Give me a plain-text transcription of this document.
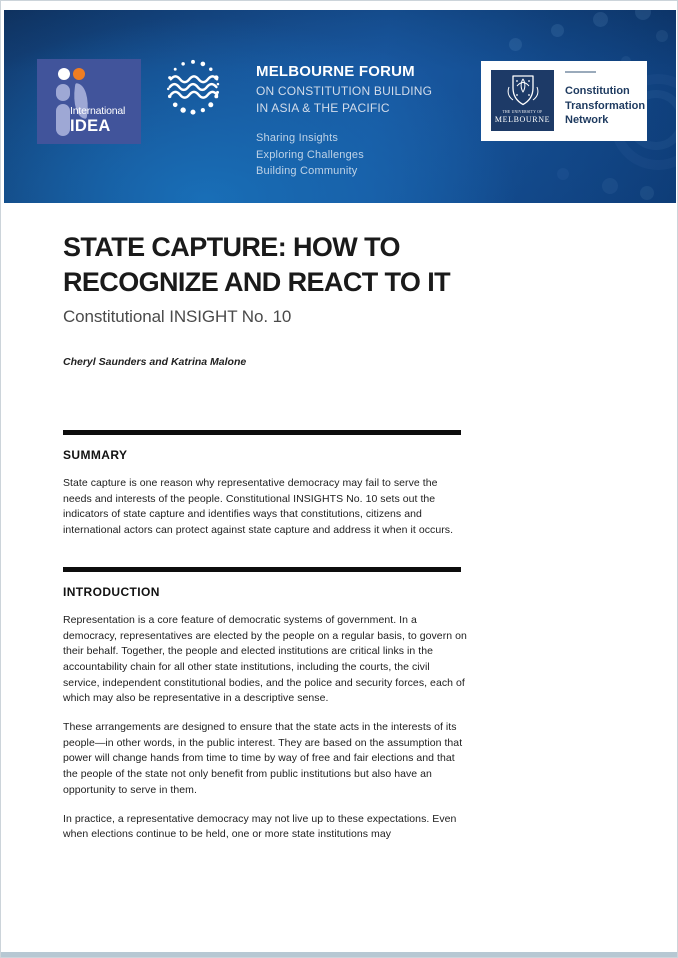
International
IDEA
MELBOURNE FORUM
ON CONSTITUTION BUILDING
IN ASIA & THE PACIFIC
Sharing Insights
Exploring Challenges
Building Community
THE UNIVERSITY OF
MELBOURNE
Constitution
Transformation
Network
STATE CAPTURE: HOW TO
RECOGNIZE AND REACT TO IT
Constitutional INSIGHT No. 10
Cheryl Saunders and Katrina Malone
SUMMARY

State capture is one reason why representative democracy may fail to serve the needs and interests of the people. Constitutional INSIGHTS No. 10 sets out the indicators of state capture and identifies ways that constitutions, citizens and international actors can protect against state capture and address it when it occurs.

INTRODUCTION

Representation is a core feature of democratic systems of government. In a democracy, representatives are elected by the people on a regular basis, to govern on their behalf. Together, the people and elected institutions are critical links in the accountability chain for all other state institutions, including the courts, the civil service, independent constitutional bodies, and the police and security forces, each of which may also be representative in a descriptive sense.

These arrangements are designed to ensure that the state acts in the interests of its people—in other words, in the public interest. They are based on the assumption that power will change hands from time to time by way of free and fair elections and that the people of the state not only benefit from public institutions but also have an opportunity to serve in them.

In practice, a representative democracy may not live up to these expectations. Even when elections continue to be held, one or more state institutions may
